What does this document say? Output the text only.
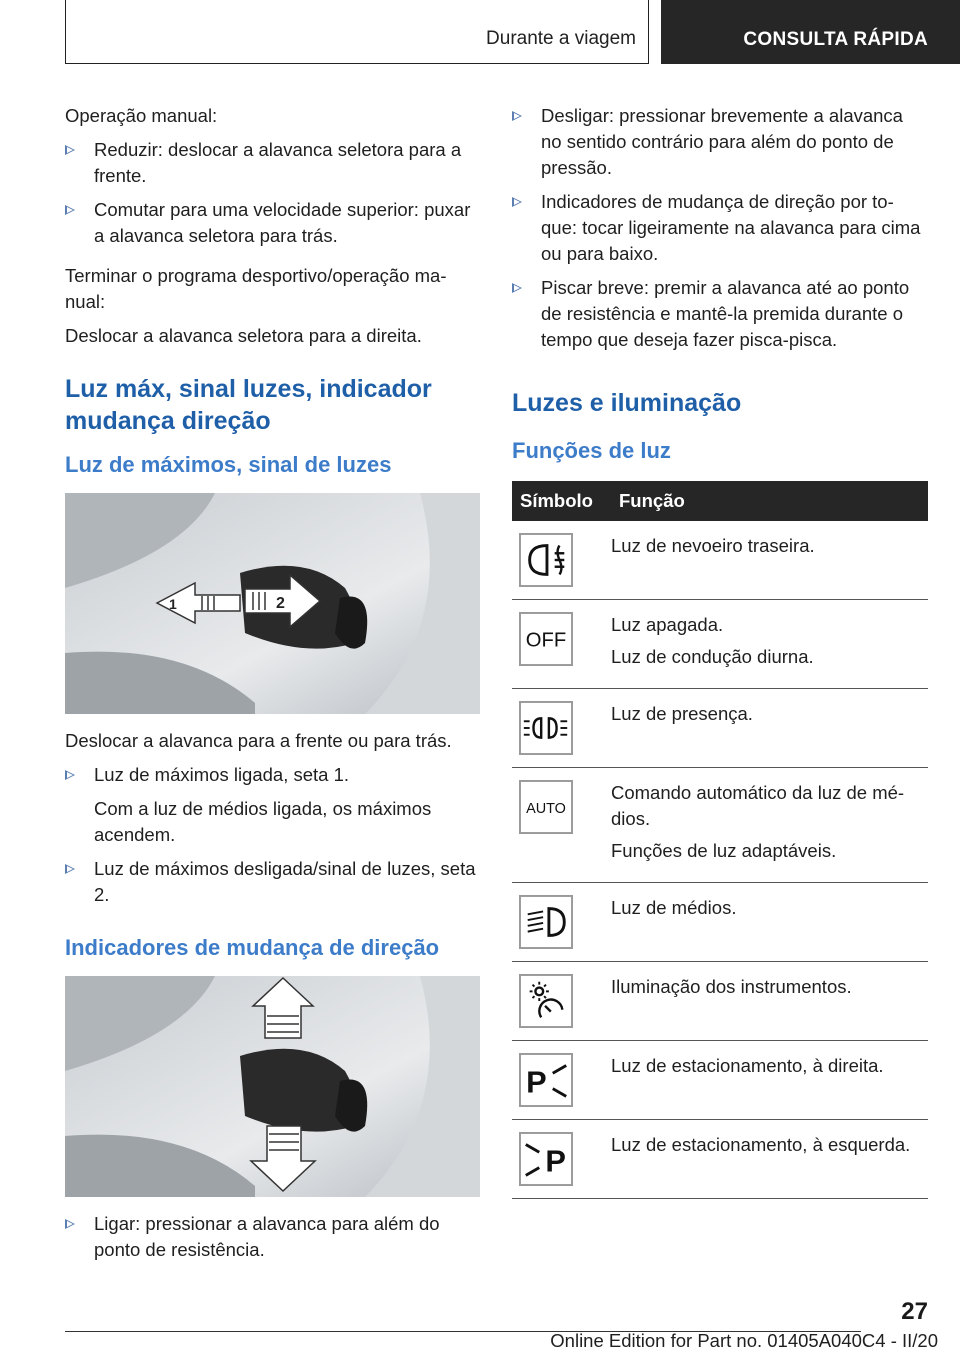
Durante a viagem	CONSULTA RÁPIDA

Operação manual:

Reduzir: deslocar a alavanca seletora para a frente.
Comutar para uma velocidade superior: puxar a alavanca seletora para trás.

Terminar o programa desportivo/operação ma‐nual:

Deslocar a alavanca seletora para a direita.

Luz máx, sinal luzes, indicador mudança direção
Luz de máximos, sinal de luzes
1	2

Deslocar a alavanca para a frente ou para trás.

Luz de máximos ligada, seta 1.

Com a luz de médios ligada, os máximos acendem.

Luz de máximos desligada/sinal de luzes, seta 2.
Indicadores de mudança de direção
Ligar: pressionar a alavanca para além do ponto de resistência.
Desligar: pressionar brevemente a alavanca no sentido contrário para além do ponto de pressão.
Indicadores de mudança de direção por to‐que: tocar ligeiramente na alavanca para cima ou para baixo.
Piscar breve: premir a alavanca até ao ponto de resistência e mantê-la premida durante o tempo que deseja fazer pisca-pisca.
Luzes e iluminação
Funções de luz
Símbolo	Função

Luz de nevoeiro traseira.

OFF	Luz apagada.

Luz de condução diurna.

Luz de presença.

AUTO	Comando automático da luz de mé‐dios.

Funções de luz adaptáveis.

Luz de médios.

Iluminação dos instrumentos.

P	Luz de estacionamento, à direita.

P	Luz de estacionamento, à esquerda.

27
Online Edition for Part no. 01405A040C4 - II/20
